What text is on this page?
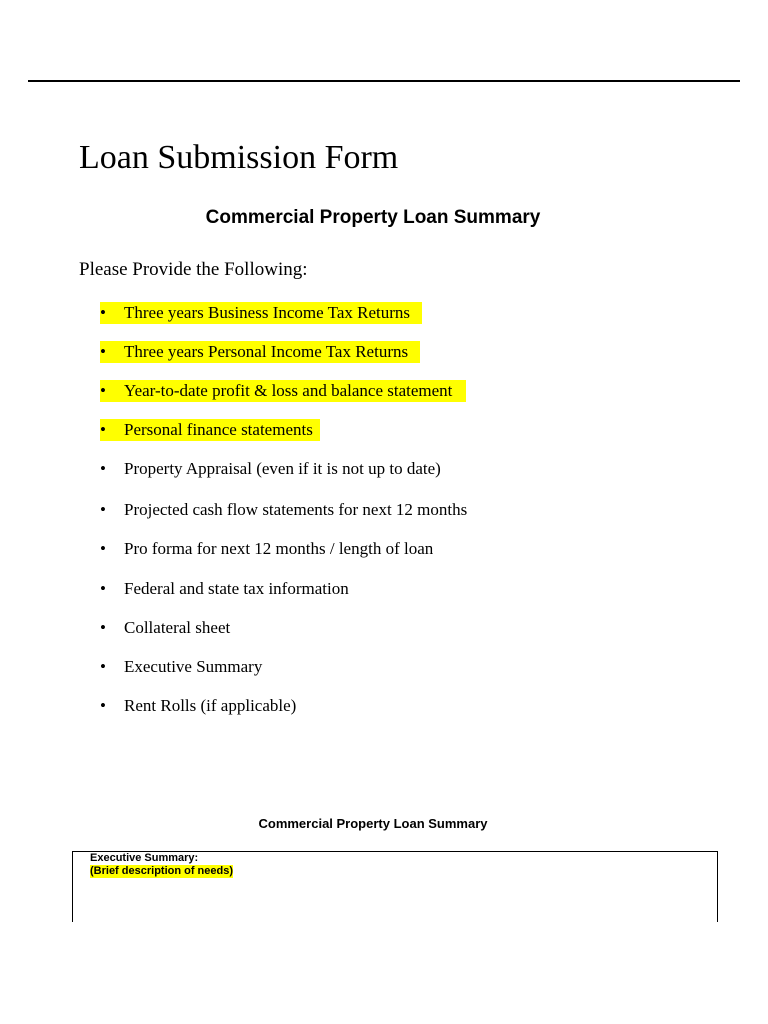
Loan Submission Form
Commercial Property Loan Summary
Please Provide the Following:
• Three years Business Income Tax Returns
• Three years Personal Income Tax Returns
• Year-to-date profit & loss and balance statement
• Personal finance statements
• Property Appraisal (even if it is not up to date)
• Projected cash flow statements for next 12 months
• Pro forma for next 12 months / length of loan
• Federal and state tax information
• Collateral sheet
• Executive Summary
• Rent Rolls (if applicable)
Commercial Property Loan Summary
Executive Summary:
(Brief description of needs)
